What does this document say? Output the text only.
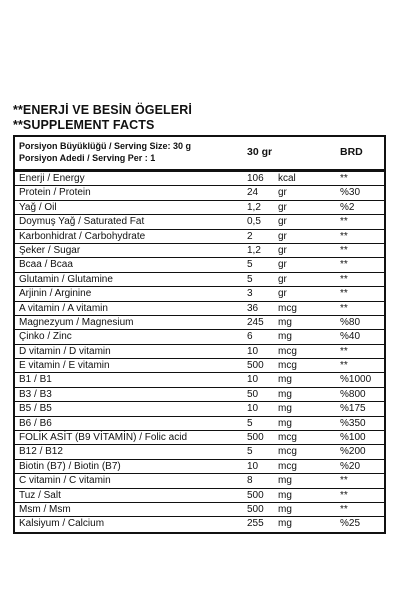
**ENERJİ VE BESİN ÖGELERİ
**SUPPLEMENT FACTS
Porsiyon Büyüklüğü / Serving Size: 30 g
Porsiyon Adedi / Serving Per : 1	30 gr	BRD
Enerji / Energy	106 kcal	**
Protein / Protein	24 gr	%30
Yağ / Oil	1,2 gr	%2
Doymuş Yağ / Saturated Fat	0,5 gr	**
Karbonhidrat / Carbohydrate	2	gr	**
Şeker / Sugar	1,2 gr	**
Bcaa / Bcaa	5	gr	**
Glutamin / Glutamine	5	gr	**
Arjinin / Arginine	3	gr	**
A vitamin / A vitamin	36 mcg	**
Magnezyum / Magnesium	245 mg	%80
Çinko / Zinc	6	mg	%40
D vitamin / D vitamin	10 mcg	**
E vitamin / E vitamin	500 mcg	**
B1 / B1	10 mg	%1000
B3 / B3	50 mg	%800
B5 / B5	10 mg	%175
B6 / B6	5	mg	%350
FOLİK ASİT (B9 VİTAMİN) / Folic acid	500 mcg	%100
B12 / B12	5	mcg	%200
Biotin (B7) / Biotin (B7)	10 mcg	%20
C vitamin / C vitamin	8	mg	**
Tuz / Salt	500 mg	**
Msm / Msm	500 mg	**
Kalsiyum / Calcium	255 mg	%25
